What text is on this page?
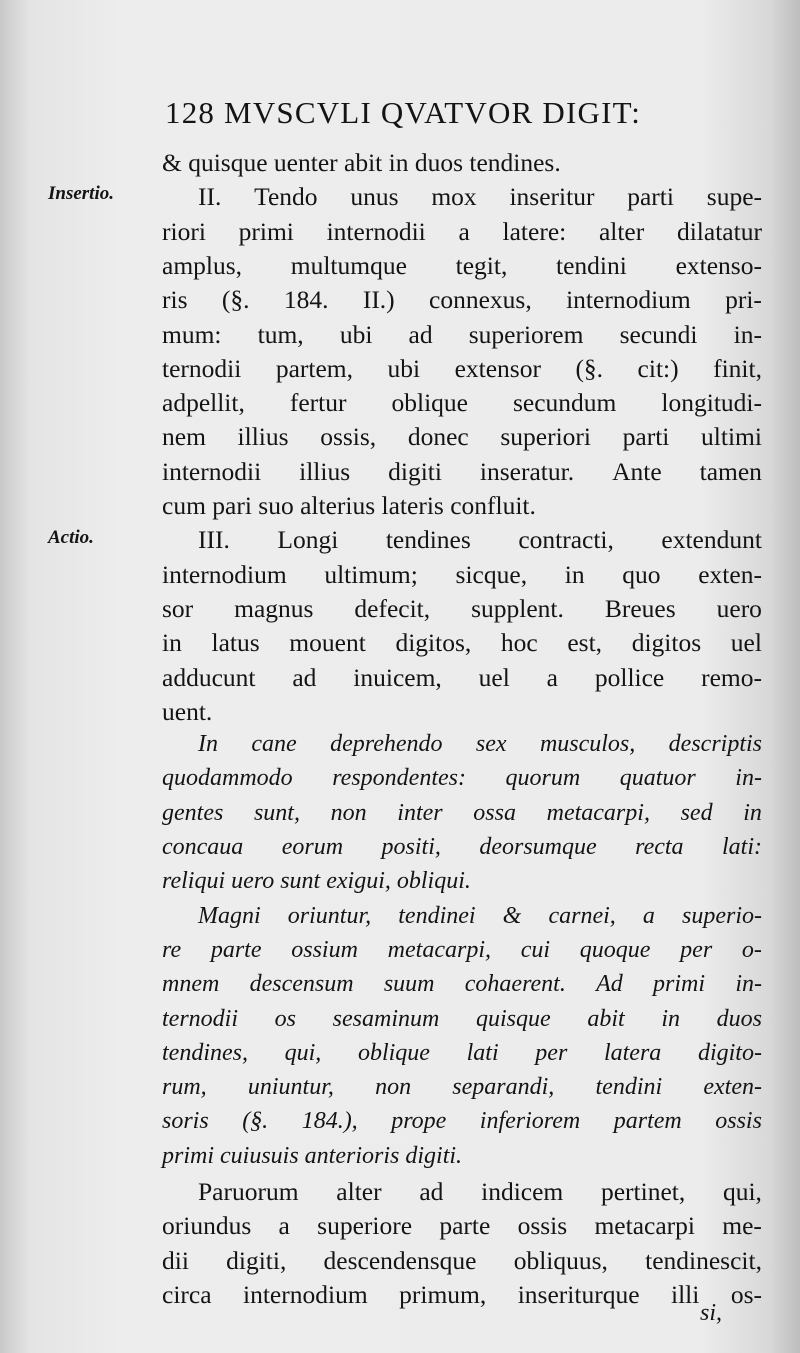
128 MVSCVLI QVATVOR DIGIT:
Insertio.
Actio.
& quisque uenter abit in duos tendines.
II. Tendo unus mox inseritur parti supe-
riori primi internodii a latere: alter dilatatur
amplus, multumque tegit, tendini extenso-
ris (§. 184. II.) connexus, internodium pri-
mum: tum, ubi ad superiorem secundi in-
ternodii partem, ubi extensor (§. cit:) finit,
adpellit, fertur oblique secundum longitudi-
nem illius ossis, donec superiori parti ultimi
internodii illius digiti inseratur. Ante tamen
cum pari suo alterius lateris confluit.
III. Longi tendines contracti, extendunt
internodium ultimum; sicque, in quo exten-
sor magnus defecit, supplent. Breues uero
in latus mouent digitos, hoc est, digitos uel
adducunt ad inuicem, uel a pollice remo-
uent.
In cane deprehendo sex musculos, descriptis
quodammodo respondentes: quorum quatuor in-
gentes sunt, non inter ossa metacarpi, sed in
concaua eorum positi, deorsumque recta lati:
reliqui uero sunt exigui, obliqui.
Magni oriuntur, tendinei & carnei, a superio-
re parte ossium metacarpi, cui quoque per o-
mnem descensum suum cohaerent. Ad primi in-
ternodii os sesaminum quisque abit in duos
tendines, qui, oblique lati per latera digito-
rum, uniuntur, non separandi, tendini exten-
soris (§. 184.), prope inferiorem partem ossis
primi cuiusuis anterioris digiti.
Paruorum alter ad indicem pertinet, qui,
oriundus a superiore parte ossis metacarpi me-
dii digiti, descendensque obliquus, tendinescit,
circa internodium primum, inseriturque illi os-
si,
